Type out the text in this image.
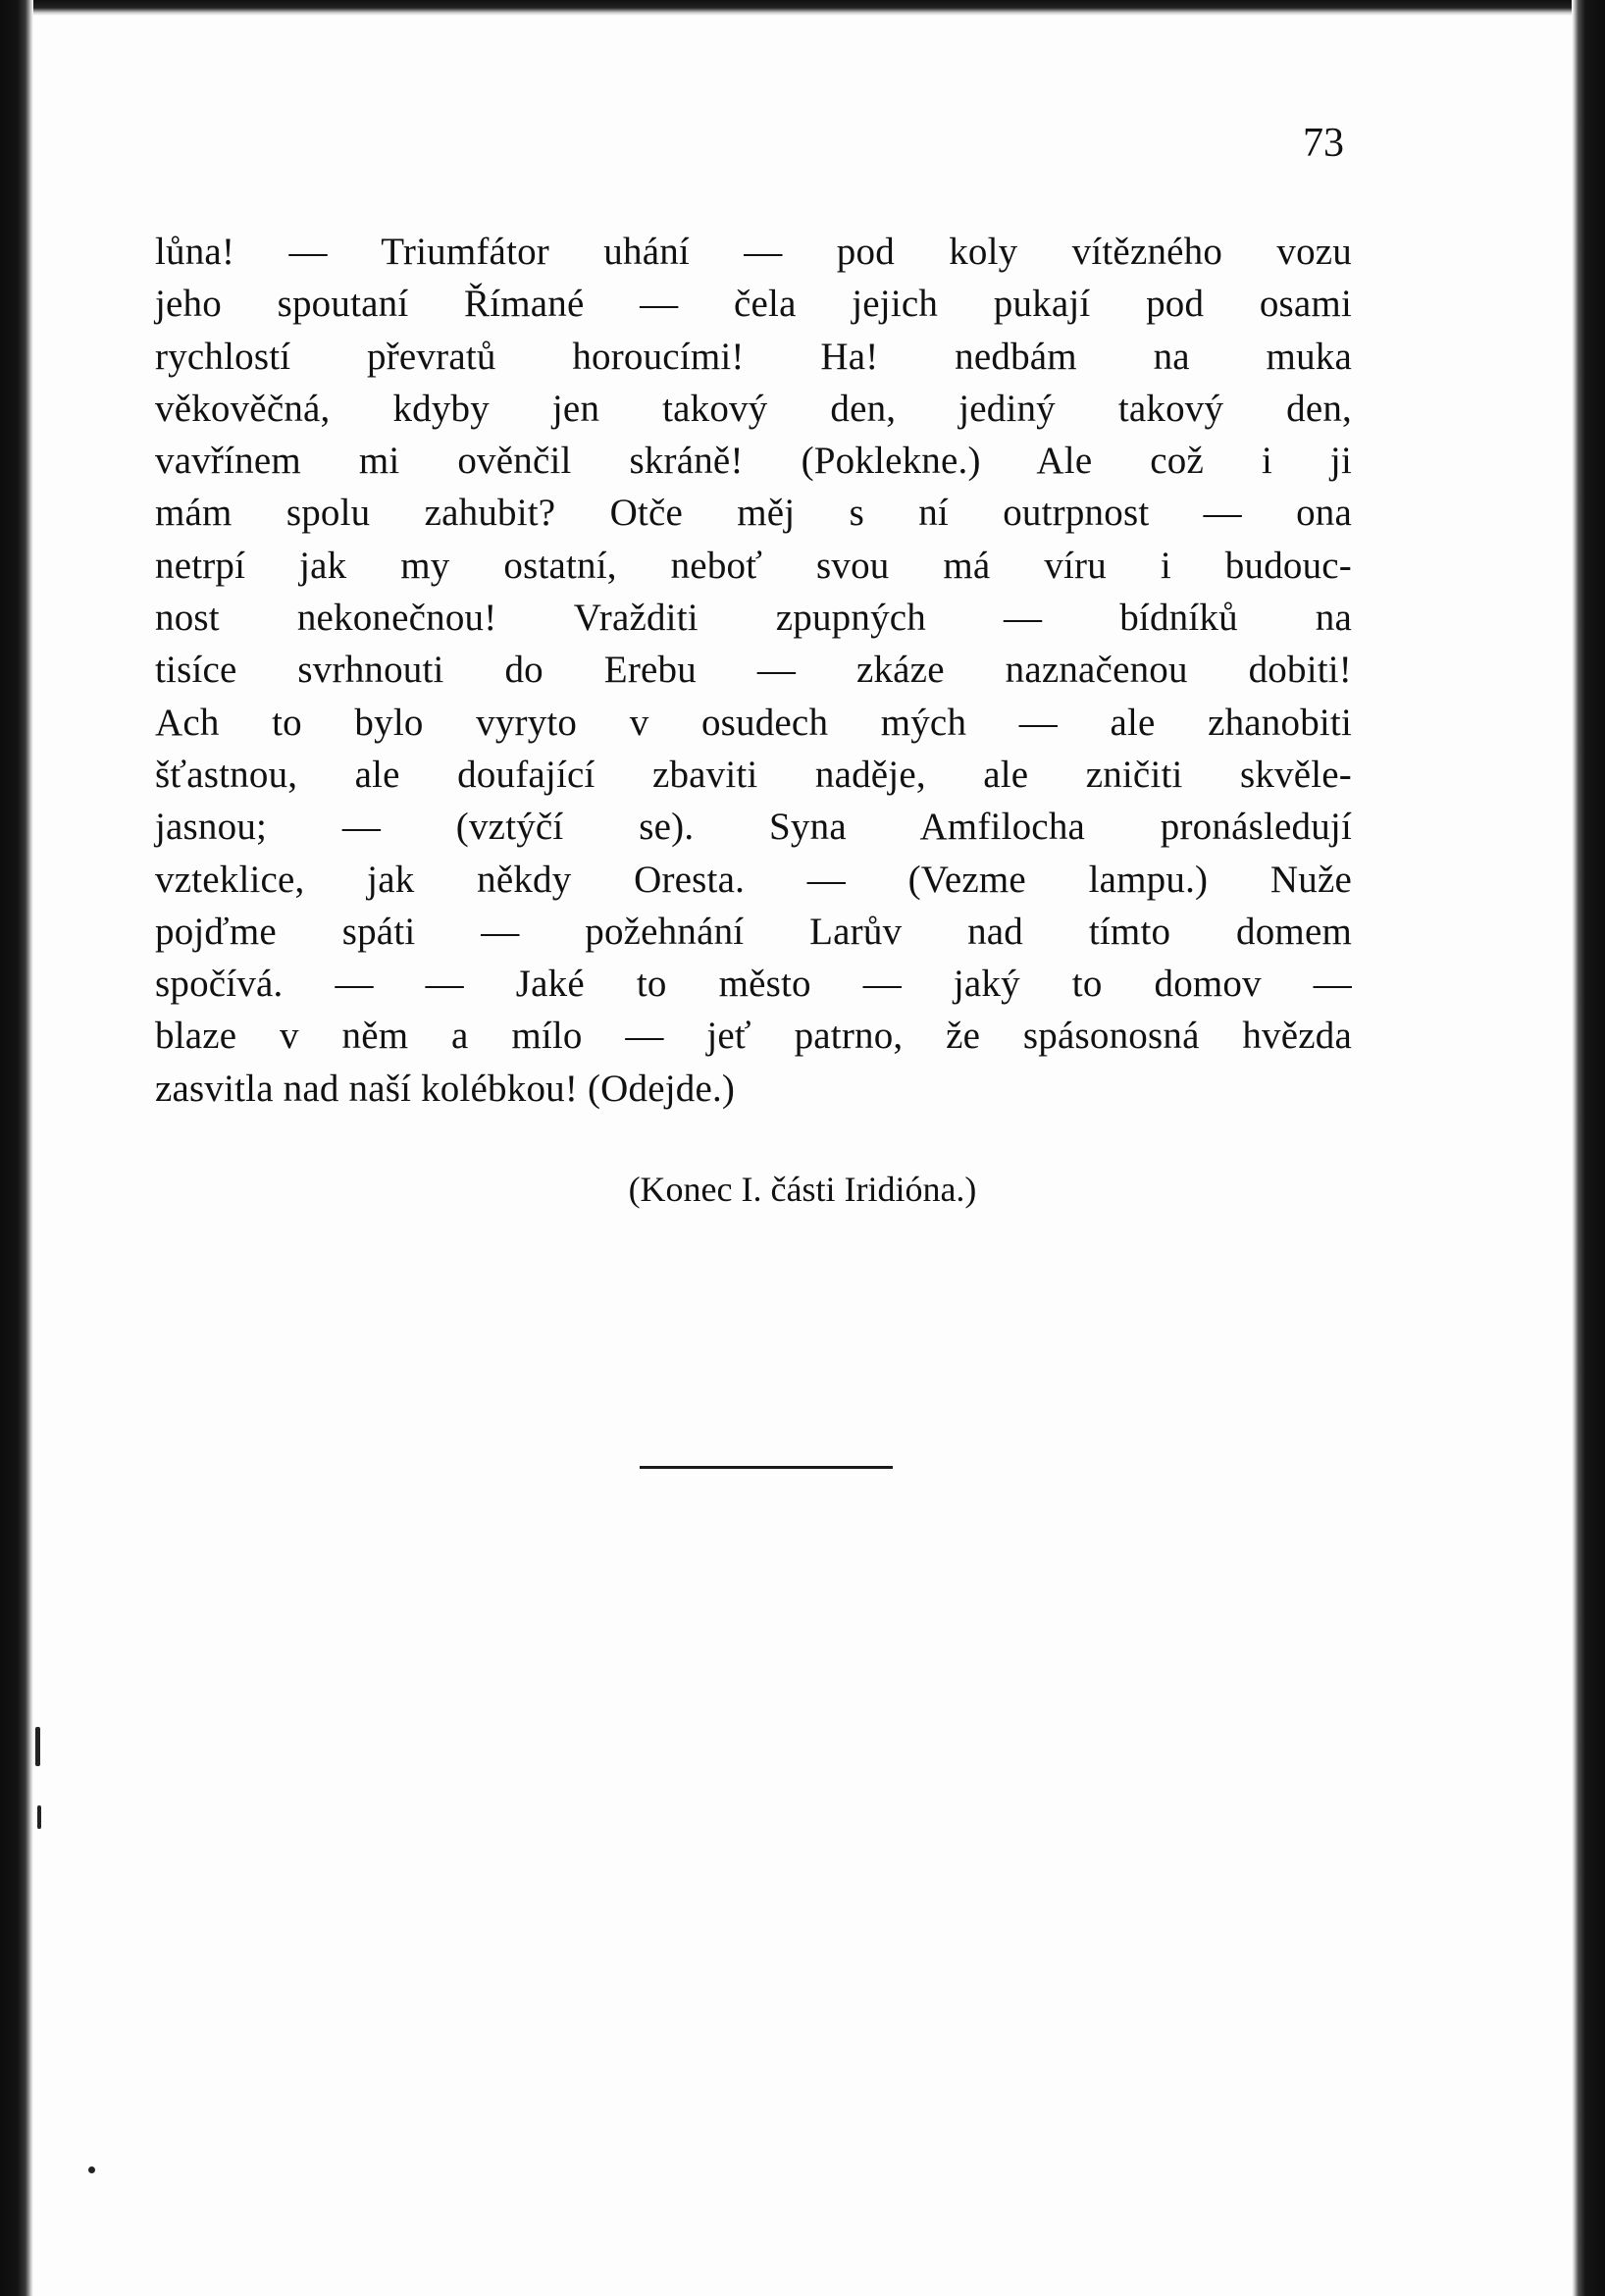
73
lůna! — Triumfátor uhání — pod koly vítězného vozu
jeho spoutaní Římané — čela jejich pukají pod osami
rychlostí převratů horoucími! Ha! nedbám na muka
věkověčná, kdyby jen takový den, jediný takový den,
vavřínem mi ověnčil skráně! (Poklekne.) Ale což i ji
mám spolu zahubit? Otče měj s ní outrpnost — ona
netrpí jak my ostatní, neboť svou má víru i budouc-
nost nekonečnou! Vražditi zpupných — bídníků na
tisíce svrhnouti do Erebu — zkáze naznačenou dobiti!
Ach to bylo vyryto v osudech mých — ale zhanobiti
šťastnou, ale doufající zbaviti naděje, ale zničiti skvěle-
jasnou; — (vztýčí se). Syna Amfilocha pronásledují
vzteklice, jak někdy Oresta. — (Vezme lampu.) Nuže
pojďme spáti — požehnání Larův nad tímto domem
spočívá. — — Jaké to město — jaký to domov —
blaze v něm a mílo — jeť patrno, že spásonosná hvězda
zasvitla nad naší kolébkou! (Odejde.)
(Konec I. části Iridióna.)
